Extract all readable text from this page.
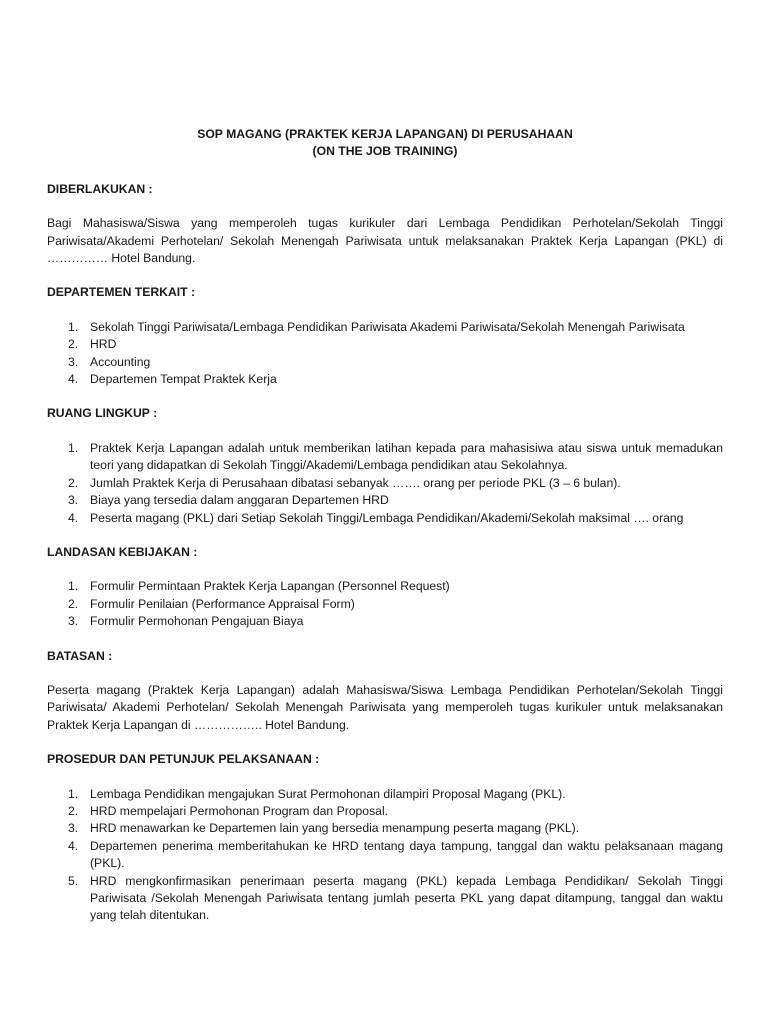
SOP MAGANG (PRAKTEK KERJA LAPANGAN) DI PERUSAHAAN

(ON THE JOB TRAINING)

DIBERLAKUKAN :

Bagi Mahasiswa/Siswa yang memperoleh tugas kurikuler dari Lembaga Pendidikan Perhotelan/Sekolah Tinggi Pariwisata/Akademi Perhotelan/ Sekolah Menengah Pariwisata untuk melaksanakan Praktek Kerja Lapangan (PKL) di …………… Hotel Bandung.

DEPARTEMEN TERKAIT :

1. Sekolah Tinggi Pariwisata/Lembaga Pendidikan Pariwisata Akademi Pariwisata/Sekolah Menengah Pariwisata
2. HRD
3. Accounting
4. Departemen Tempat Praktek Kerja

RUANG LINGKUP :

1. Praktek Kerja Lapangan adalah untuk memberikan latihan kepada para mahasisiwa atau siswa untuk memadukan teori yang didapatkan di Sekolah Tinggi/Akademi/Lembaga pendidikan atau Sekolahnya.
2. Jumlah Praktek Kerja di Perusahaan dibatasi sebanyak ……. orang per periode PKL (3 – 6 bulan).
3. Biaya yang tersedia dalam anggaran Departemen HRD
4. Peserta magang (PKL) dari Setiap Sekolah Tinggi/Lembaga Pendidikan/Akademi/Sekolah maksimal …. orang

LANDASAN KEBIJAKAN :

1. Formulir Permintaan Praktek Kerja Lapangan (Personnel Request)
2. Formulir Penilaian (Performance Appraisal Form)
3. Formulir Permohonan Pengajuan Biaya

BATASAN :

Peserta magang (Praktek Kerja Lapangan) adalah Mahasiswa/Siswa Lembaga Pendidikan Perhotelan/Sekolah Tinggi Pariwisata/ Akademi Perhotelan/ Sekolah Menengah Pariwisata yang memperoleh tugas kurikuler untuk melaksanakan Praktek Kerja Lapangan di …………….. Hotel Bandung.

PROSEDUR DAN PETUNJUK PELAKSANAAN :

1. Lembaga Pendidikan mengajukan Surat Permohonan dilampiri Proposal Magang (PKL).
2. HRD mempelajari Permohonan Program dan Proposal.
3. HRD menawarkan ke Departemen lain yang bersedia menampung peserta magang (PKL).
4. Departemen penerima memberitahukan ke HRD tentang daya tampung, tanggal dan waktu pelaksanaan magang (PKL).
5. HRD mengkonfirmasikan penerimaan peserta magang (PKL) kepada Lembaga Pendidikan/ Sekolah Tinggi Pariwisata /Sekolah Menengah Pariwisata tentang jumlah peserta PKL yang dapat ditampung, tanggal dan waktu yang telah ditentukan.
